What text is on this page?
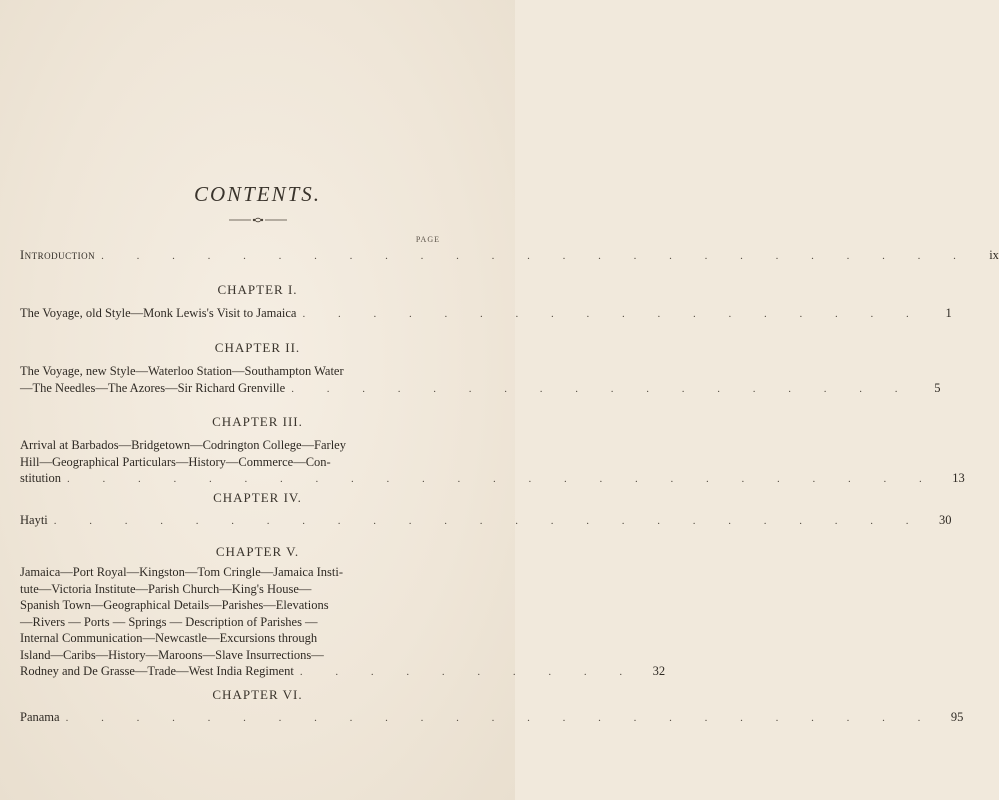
CONTENTS.
PAGE
Introduction . . . . . . . . . . . . . . . . . . . . . . . . .	ix
CHAPTER I.
The Voyage, old Style—Monk Lewis's Visit to Jamaica . . . . . . . . . . . . . . . . . .	1
CHAPTER II.
The Voyage, new Style—Waterloo Station—Southampton Water
—The Needles—The Azores—Sir Richard Grenville . . . . . . . . . . . . . . . . . .	5
CHAPTER III.
Arrival at Barbados—Bridgetown—Codrington College—Farley
Hill—Geographical Particulars—History—Commerce—Con-
stitution . . . . . . . . . . . . . . . . . . . . . . . . .	13
CHAPTER IV.
Hayti . . . . . . . . . . . . . . . . . . . . . . . . .	30
CHAPTER V.
Jamaica—Port Royal—Kingston—Tom Cringle—Jamaica Insti-
tute—Victoria Institute—Parish Church—King's House—
Spanish Town—Geographical Details—Parishes—Elevations
—Rivers — Ports — Springs — Description of Parishes —
Internal Communication—Newcastle—Excursions through
Island—Caribs—History—Maroons—Slave Insurrections—
Rodney and De Grasse—Trade—West India Regiment . . . . . . . . . .	32
CHAPTER VI.
Panama . . . . . . . . . . . . . . . . . . . . . . . . .	95
